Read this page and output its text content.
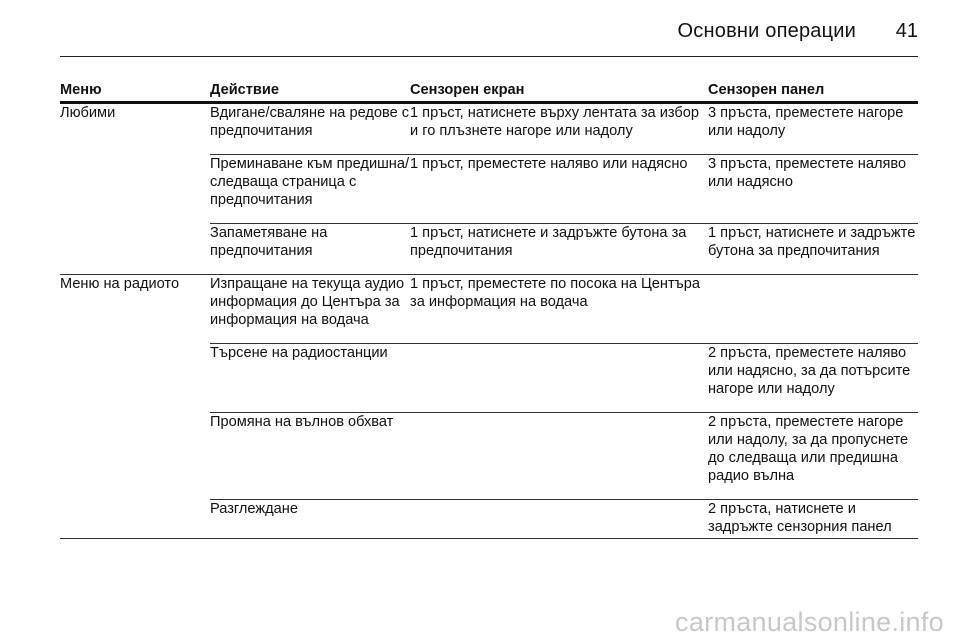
Основни операции 41
Меню	Действие	Сензорен екран	Сензорен панел
Любими	Вдигане/сваляне на редове с предпочитания	1 пръст, натиснете върху лентата за избор и го плъзнете нагоре или надолу	3 пръста, преместете нагоре или надолу
	Преминаване към предишна/следваща страница с предпочитания	1 пръст, преместете наляво или надясно	3 пръста, преместете наляво или надясно
	Запаметяване на предпочитания	1 пръст, натиснете и задръжте бутона за предпочитания	1 пръст, натиснете и задръжте бутона за предпочитания
Меню на радиото	Изпращане на текуща аудио информация до Центъра за информация на водача	1 пръст, преместете по посока на Центъра за информация на водача	
	Търсене на радиостанции		2 пръста, преместете наляво или надясно, за да потърсите нагоре или надолу
	Промяна на вълнов обхват		2 пръста, преместете нагоре или надолу, за да пропуснете до следваща или предишна радио вълна
	Разглеждане		2 пръста, натиснете и задръжте сензорния панел
carmanualsonline.info
